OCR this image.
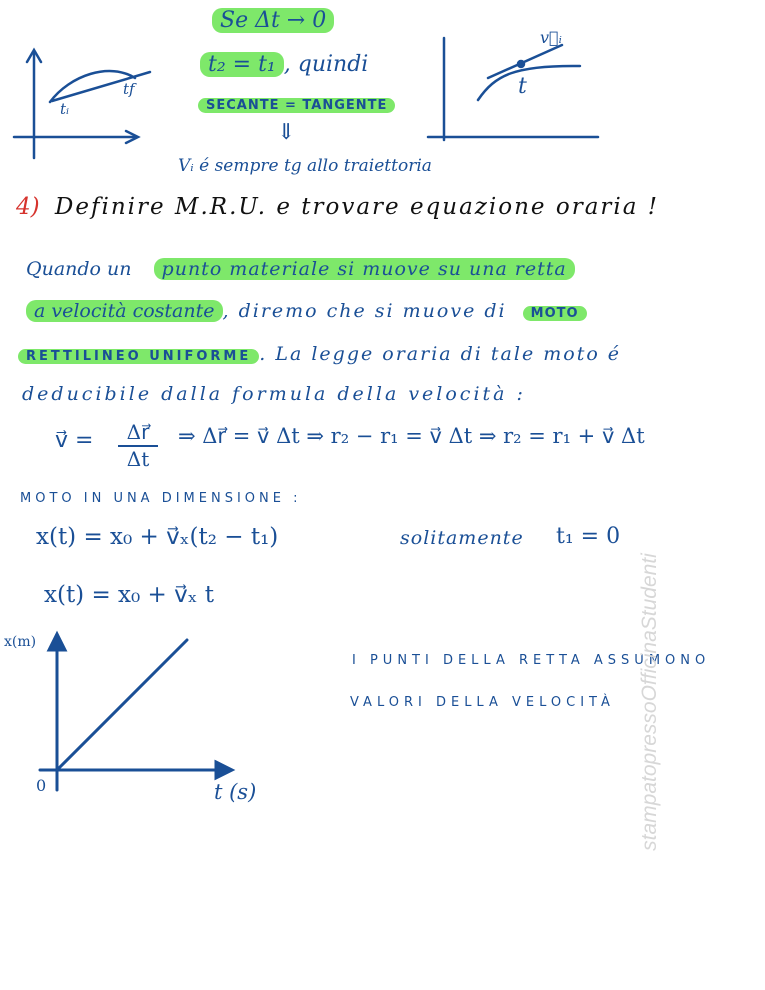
Se Δt → 0
t₂ = t₁ , quindi
SECANTE = TANGENTE
⇓
Vᵢ é sempre tg allo traiettoria
tᵢ
tf
v⃗ᵢ
t
4) Definire M.R.U. e trovare equazione oraria !
Quando un punto materiale si muove su una retta
a velocità costante , diremo che si muove di MOTO
RETTILINEO UNIFORME . La legge oraria di tale moto é
deducibile dalla formula della velocità :
v⃗ = $\frac{\Delta r⃗}{\Delta t}$ ⇒ Δr⃗ = v⃗ Δt ⇒ r₂ − r₁ = v⃗ Δt ⇒ r₂ = r₁ + v⃗ Δt
MOTO IN UNA DIMENSIONE :
x(t) = x₀ + v⃗ₓ(t₂ − t₁)	solitamente t₁ = 0
x(t) = x₀ + v⃗ₓ t
x(m)
0	t (s)
I PUNTI DELLA RETTA ASSUMONO
VALORI DELLA VELOCITÀ stampatopressoOfficinaStudenti
